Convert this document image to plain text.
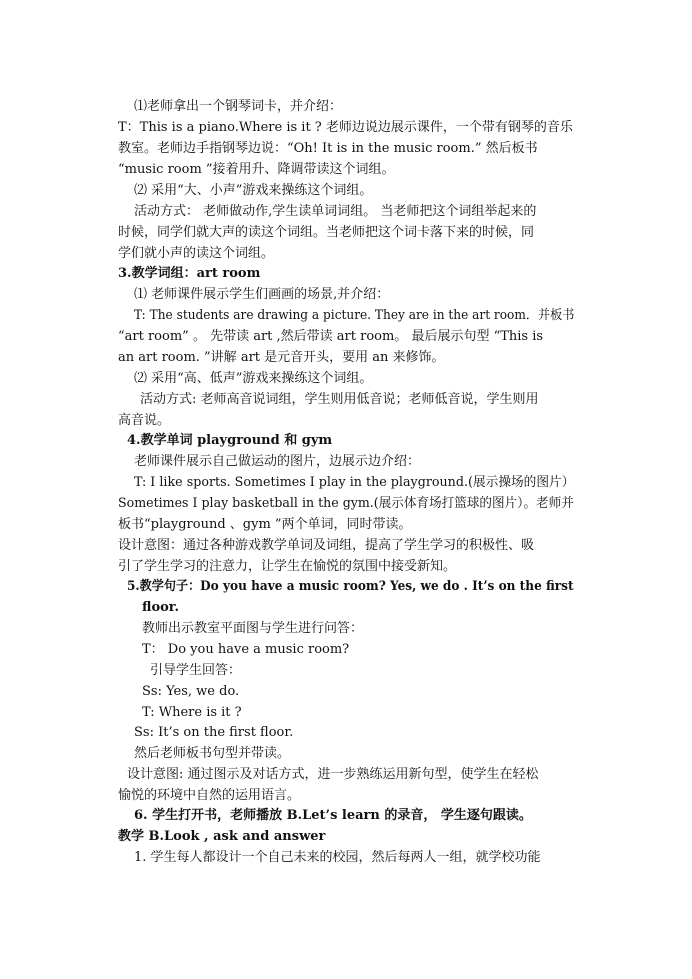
⑴老师拿出一个钢琴词卡，并介绍：
T：This is a piano.Where is it ? 老师边说边展示课件，一个带有钢琴的音乐
教室。老师边手指钢琴边说：“Oh! It is in the music room.” 然后板书
“music room ”接着用升、降调带读这个词组。
⑵ 采用“大、小声”游戏来操练这个词组。
活动方式： 老师做动作,学生读单词词组。 当老师把这个词组举起来的
时候，同学们就大声的读这个词组。当老师把这个词卡落下来的时候，同
学们就小声的读这个词组。
3.教学词组：art room
⑴ 老师课件展示学生们画画的场景,并介绍：
T: The students are drawing a picture. They are in the art room．并板书
“art room” 。 先带读 art ,然后带读 art room。 最后展示句型 “This is
an art room. ”讲解 art 是元音开头，要用 an 来修饰。
⑵ 采用“高、低声”游戏来操练这个词组。
活动方式: 老师高音说词组，学生则用低音说；老师低音说，学生则用
高音说。
4.教学单词 playground 和 gym
老师课件展示自己做运动的图片，边展示边介绍：
T: I like sports. Sometimes I play in the playground.(展示操场的图片）
Sometimes I play basketball in the gym.(展示体育场打篮球的图片）。老师并
板书“playground 、gym ”两个单词，同时带读。
设计意图：通过各种游戏教学单词及词组，提高了学生学习的积极性、吸
引了学生学习的注意力，让学生在愉悦的氛围中接受新知。
5.教学句子：Do you have a music room? Yes, we do . It’s on the first
floor.
教师出示教室平面图与学生进行问答：
T： Do you have a music room?
引导学生回答：
Ss: Yes, we do.
T: Where is it ?
Ss: It’s on the first floor.
然后老师板书句型并带读。
设计意图: 通过图示及对话方式，进一步熟练运用新句型，使学生在轻松
愉悦的环境中自然的运用语言。
6. 学生打开书，老师播放 B.Let’s learn 的录音， 学生逐句跟读。
教学 B.Look , ask and answer
1. 学生每人都设计一个自己未来的校园，然后每两人一组，就学校功能
